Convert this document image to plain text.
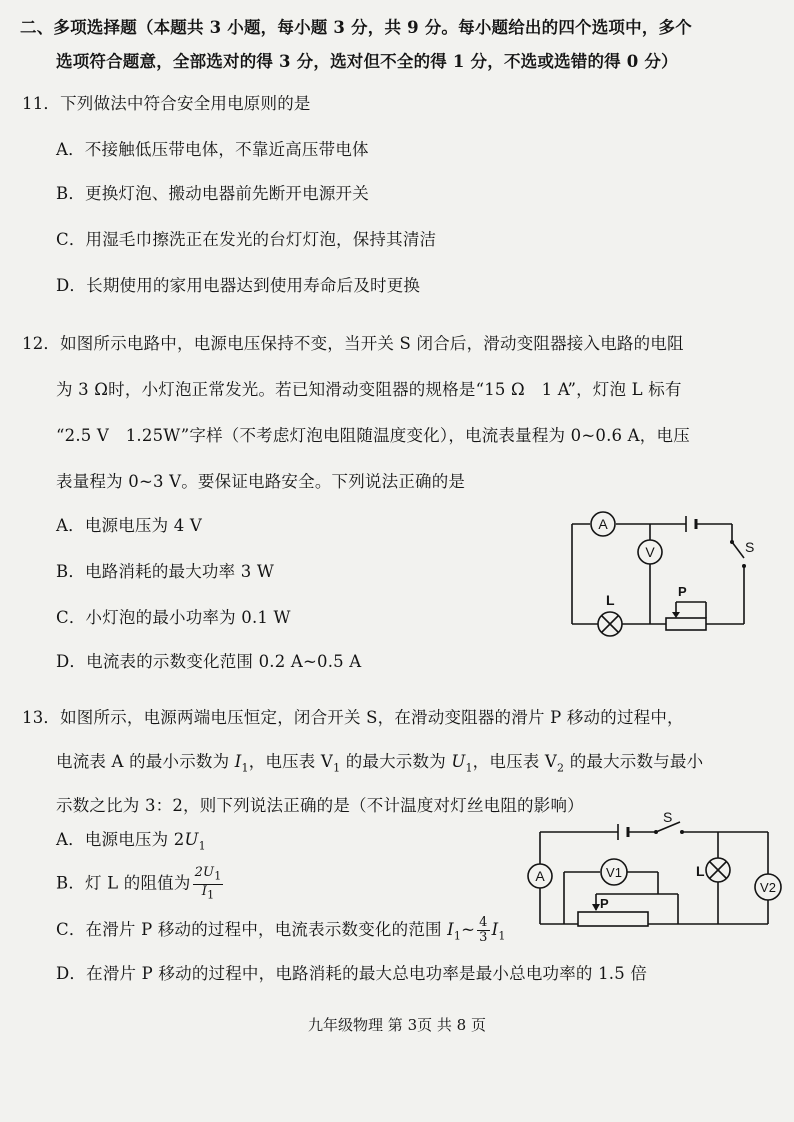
二、多项选择题（本题共 3 小题，每小题 3 分，共 9 分。每小题给出的四个选项中，多个
选项符合题意，全部选对的得 3 分，选对但不全的得 1 分，不选或选错的得 0 分）
11．下列做法中符合安全用电原则的是
A．不接触低压带电体，不靠近高压带电体
B．更换灯泡、搬动电器前先断开电源开关
C．用湿毛巾擦洗正在发光的台灯灯泡，保持其清洁
D．长期使用的家用电器达到使用寿命后及时更换
12．如图所示电路中，电源电压保持不变，当开关 S 闭合后，滑动变阻器接入电路的电阻
为 3 Ω时，小灯泡正常发光。若已知滑动变阻器的规格是“15 Ω　1 A”，灯泡 L 标有
“2.5 V　1.25W”字样（不考虑灯泡电阻随温度变化），电流表量程为 0~0.6 A，电压
表量程为 0~3 V。要保证电路安全。下列说法正确的是
A．电源电压为 4 V
B．电路消耗的最大功率 3 W
C．小灯泡的最小功率为 0.1 W
D．电流表的示数变化范围 0.2 A~0.5 A
A
V	S
L
P
13．如图所示，电源两端电压恒定，闭合开关 S，在滑动变阻器的滑片 P 移动的过程中，
电流表 A 的最小示数为 $I_1$，电压表 $V_1$ 的最大示数为 $U_1$，电压表 $V_2$ 的最大示数与最小
示数之比为 3：2，则下列说法正确的是（不计温度对灯丝电阻的影响）
A．电源电压为 $2U_1$
B．灯 L 的阻值为 $\frac{2U_1}{I_1}$
C．在滑片 P 移动的过程中，电流表示数变化的范围 $I_1\sim \frac{4}{3} I_1$
D．在滑片 P 移动的过程中，电路消耗的最大总电功率是最小总电功率的 1.5 倍
A	V1
V2
S
L
P
九年级物理 第 3页 共 8 页
